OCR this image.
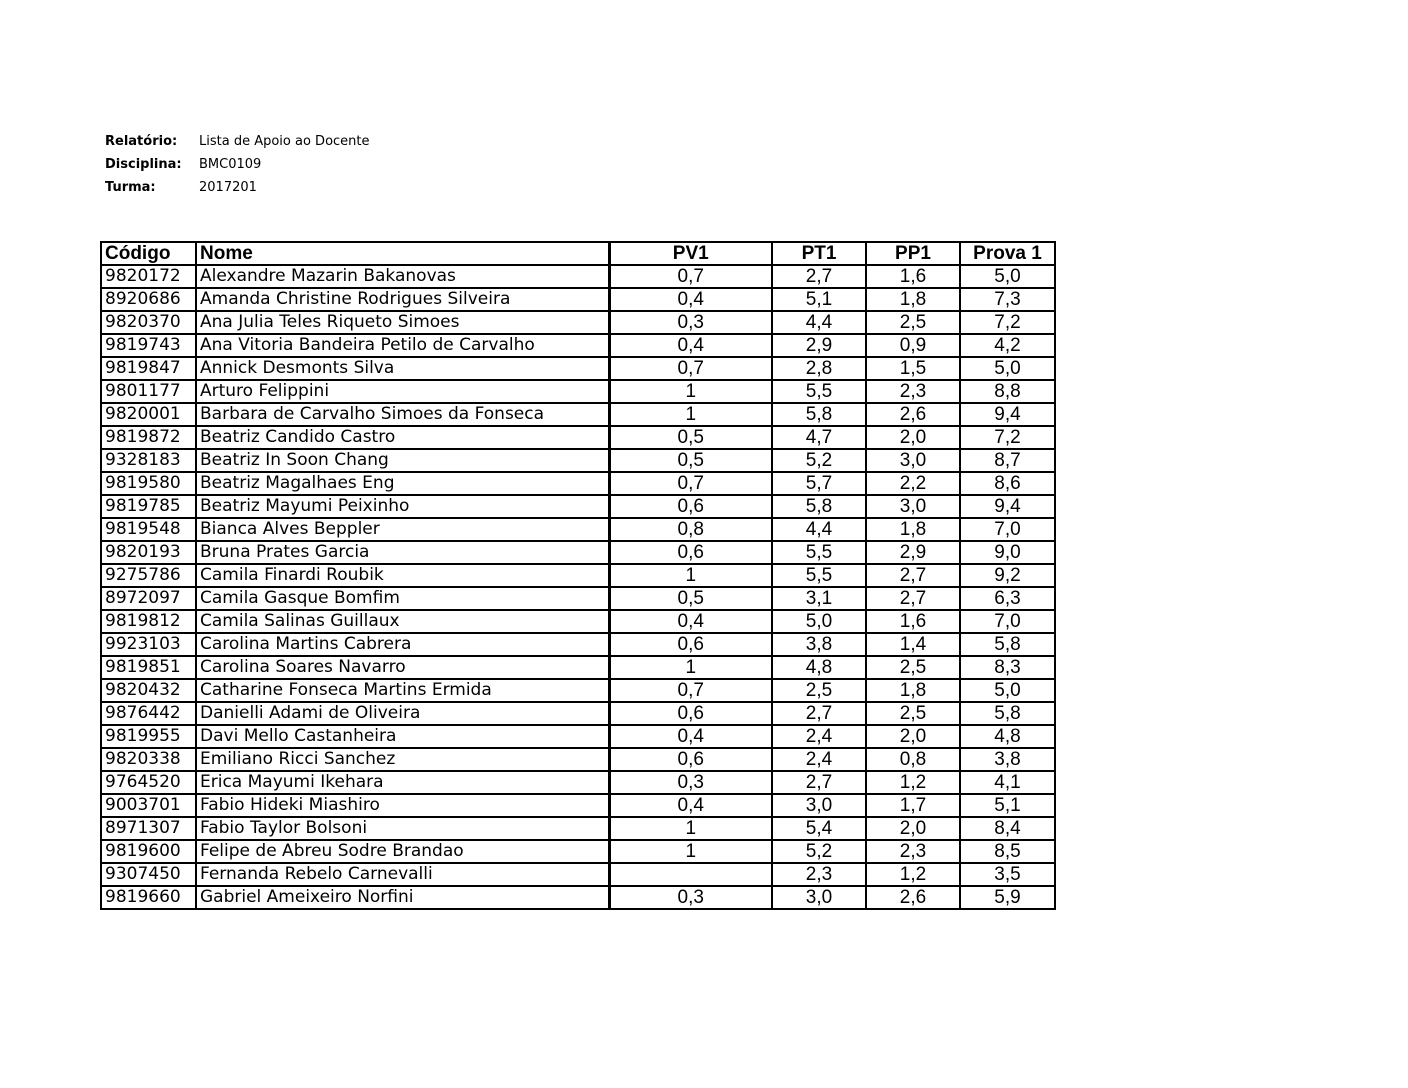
Relatório:	Lista de Apoio ao Docente
Disciplina:	BMC0109
Turma:	2017201
Código	Nome	PV1	PT1	PP1	Prova 1
9820172	Alexandre Mazarin Bakanovas	0,7	2,7	1,6	5,0
8920686	Amanda Christine Rodrigues Silveira	0,4	5,1	1,8	7,3
9820370	Ana Julia Teles Riqueto Simoes	0,3	4,4	2,5	7,2
9819743	Ana Vitoria Bandeira Petilo de Carvalho	0,4	2,9	0,9	4,2
9819847	Annick Desmonts Silva	0,7	2,8	1,5	5,0
9801177	Arturo Felippini	1	5,5	2,3	8,8
9820001	Barbara de Carvalho Simoes da Fonseca	1	5,8	2,6	9,4
9819872	Beatriz Candido Castro	0,5	4,7	2,0	7,2
9328183	Beatriz In Soon Chang	0,5	5,2	3,0	8,7
9819580	Beatriz Magalhaes Eng	0,7	5,7	2,2	8,6
9819785	Beatriz Mayumi Peixinho	0,6	5,8	3,0	9,4
9819548	Bianca Alves Beppler	0,8	4,4	1,8	7,0
9820193	Bruna Prates Garcia	0,6	5,5	2,9	9,0
9275786	Camila Finardi Roubik	1	5,5	2,7	9,2
8972097	Camila Gasque Bomfim	0,5	3,1	2,7	6,3
9819812	Camila Salinas Guillaux	0,4	5,0	1,6	7,0
9923103	Carolina Martins Cabrera	0,6	3,8	1,4	5,8
9819851	Carolina Soares Navarro	1	4,8	2,5	8,3
9820432	Catharine Fonseca Martins Ermida	0,7	2,5	1,8	5,0
9876442	Danielli Adami de Oliveira	0,6	2,7	2,5	5,8
9819955	Davi Mello Castanheira	0,4	2,4	2,0	4,8
9820338	Emiliano Ricci Sanchez	0,6	2,4	0,8	3,8
9764520	Erica Mayumi Ikehara	0,3	2,7	1,2	4,1
9003701	Fabio Hideki Miashiro	0,4	3,0	1,7	5,1
8971307	Fabio Taylor Bolsoni	1	5,4	2,0	8,4
9819600	Felipe de Abreu Sodre Brandao	1	5,2	2,3	8,5
9307450	Fernanda Rebelo Carnevalli		2,3	1,2	3,5
9819660	Gabriel Ameixeiro Norfini	0,3	3,0	2,6	5,9
